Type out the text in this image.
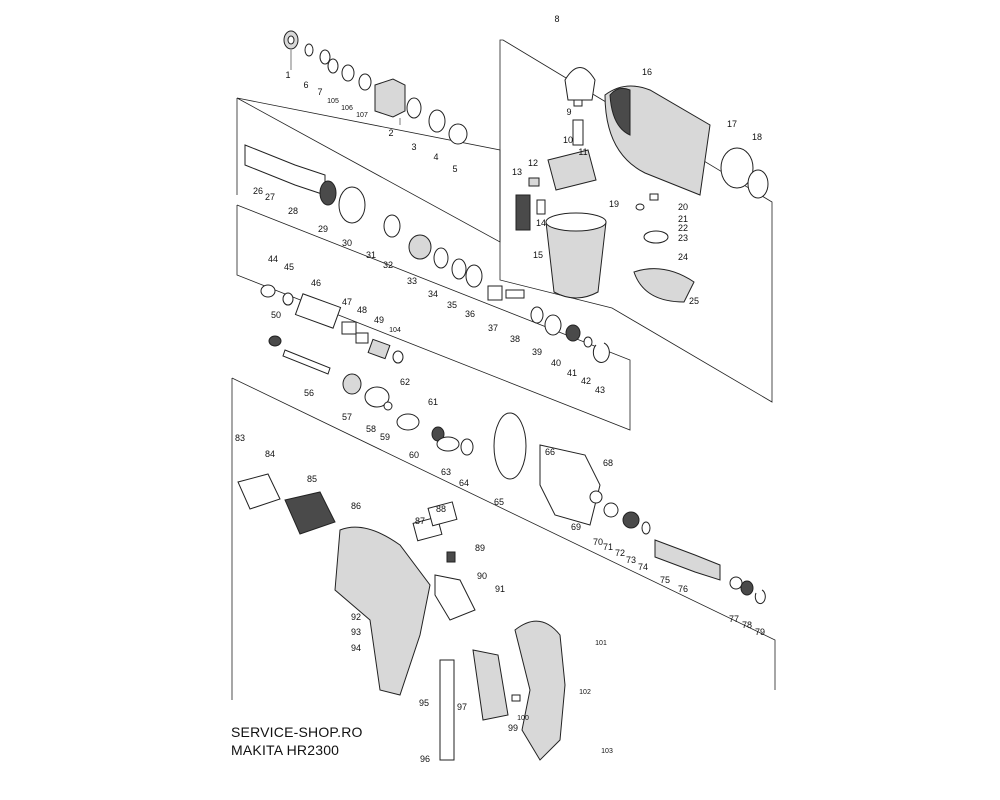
1
6
7
105
106
107
2
3
4
5
8
9
10
11
12
13
14
15
16
17
18
19	20
21
22
23
24
25
26
27
28
29
30
31
32
33
34
35
36
37
38
39
40
41
42
43
44
45
46
47
48
49
104
50
56
57
58
59
60
61
62
63
64
65
66
68
69
70 71
72
73
74
75
76
77
78
79
83
84
85
86
87
88
89
90
91
92
93
94
95
96
97
99
100
101
102
103
SERVICE-SHOP.RO
MAKITA HR2300
